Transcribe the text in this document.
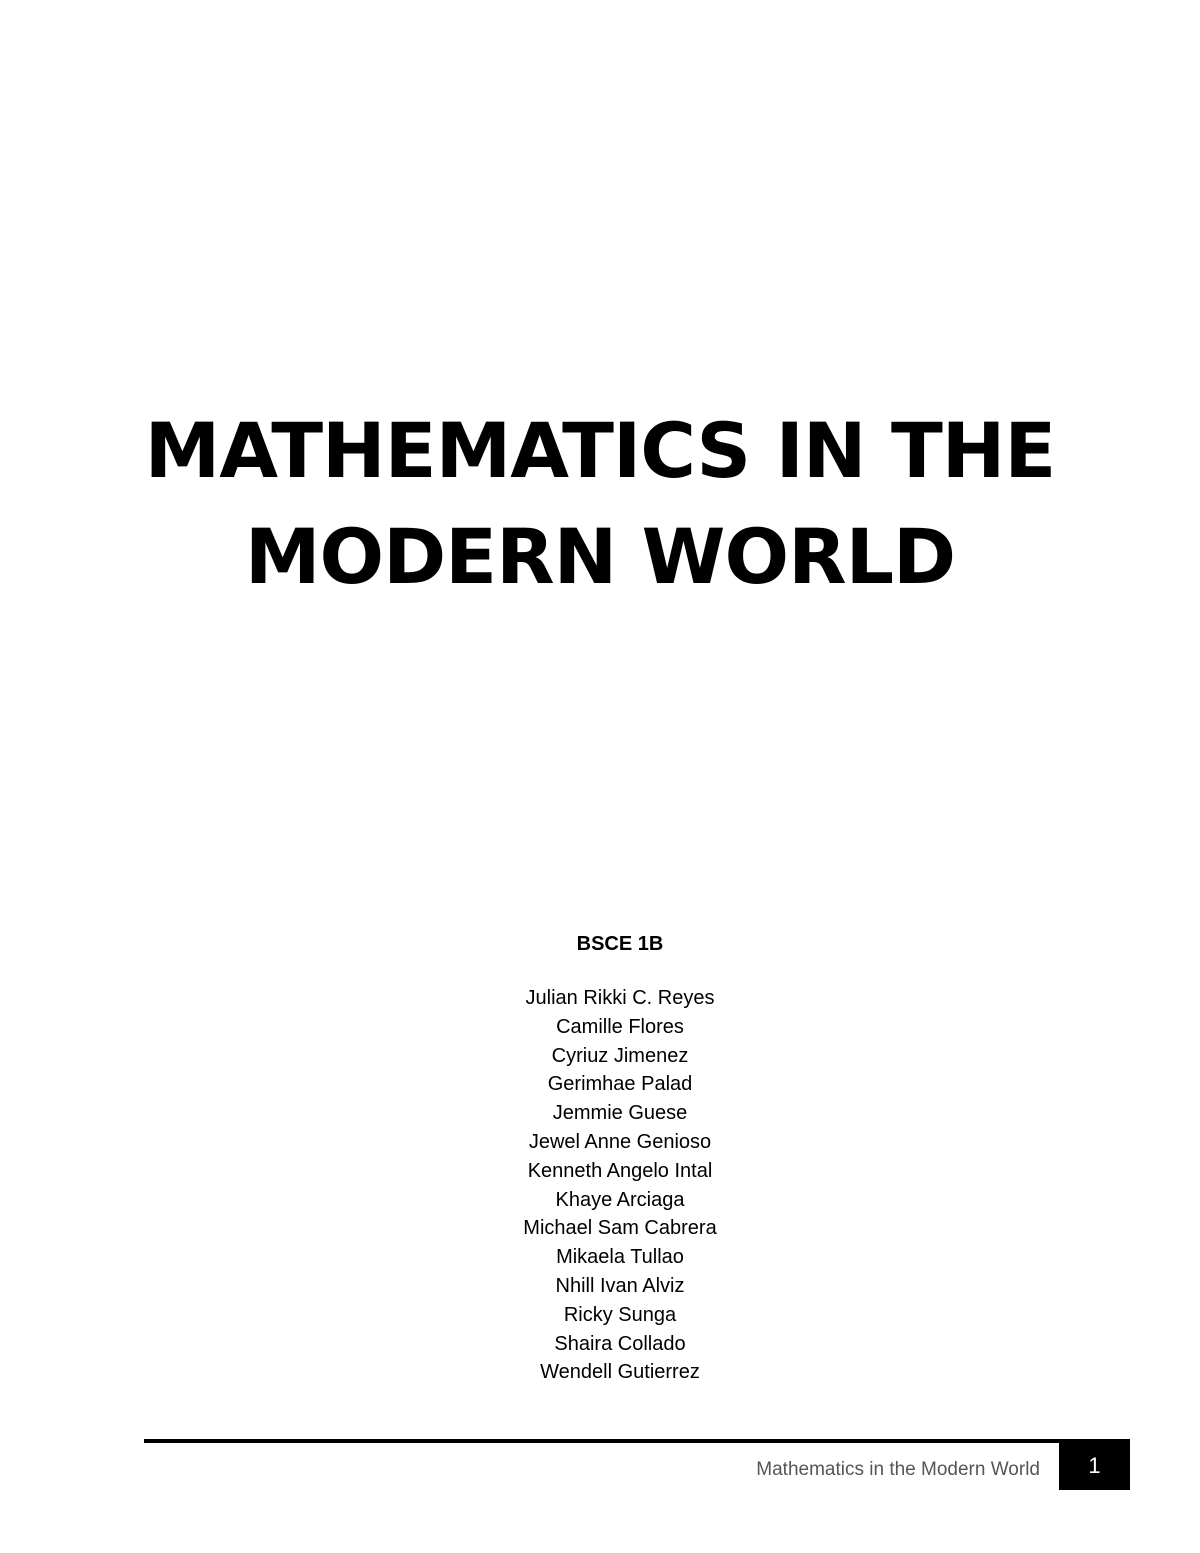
MATHEMATICS IN THE
MODERN WORLD
BSCE 1B
Julian Rikki C. Reyes
Camille Flores
Cyriuz Jimenez
Gerimhae Palad
Jemmie Guese
Jewel Anne Genioso
Kenneth Angelo Intal
Khaye Arciaga
Michael Sam Cabrera
Mikaela Tullao
Nhill Ivan Alviz
Ricky Sunga
Shaira Collado
Wendell Gutierrez
Mathematics in the Modern World 1
